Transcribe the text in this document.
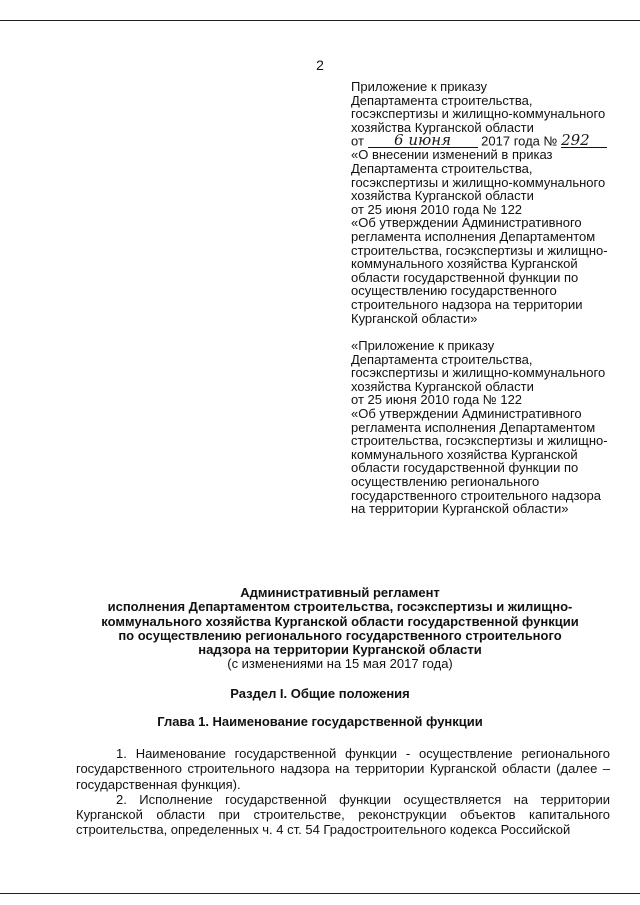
2
Приложение к приказу
Департамента строительства,
госэкспертизы и жилищно-коммунального
хозяйства Курганской области
от 6 июня 2017 года № 292
«О внесении изменений в приказ
Департамента строительства,
госэкспертизы и жилищно-коммунального
хозяйства Курганской области
от 25 июня 2010 года № 122
«Об утверждении Административного
регламента исполнения Департаментом
строительства, госэкспертизы и жилищно-
коммунального хозяйства Курганской
области государственной функции по
осуществлению государственного
строительного надзора на территории
Курганской области»
«Приложение к приказу
Департамента строительства,
госэкспертизы и жилищно-коммунального
хозяйства Курганской области
от 25 июня 2010 года № 122
«Об утверждении Административного
регламента исполнения Департаментом
строительства, госэкспертизы и жилищно-
коммунального хозяйства Курганской
области государственной функции по
осуществлению регионального
государственного строительного надзора
на территории Курганской области»
Административный регламент
исполнения Департаментом строительства, госэкспертизы и жилищно-
коммунального хозяйства Курганской области государственной функции
по осуществлению регионального государственного строительного
надзора на территории Курганской области
(с изменениями на 15 мая 2017 года)
Раздел I. Общие положения
Глава 1. Наименование государственной функции

1. Наименование государственной функции - осуществление регионального государственного строительного надзора на территории Курганской области (далее – государственная функция).

2. Исполнение государственной функции осуществляется на территории Курганской области при строительстве, реконструкции объектов капитального строительства, определенных ч. 4 ст. 54 Градостроительного кодекса Российской
